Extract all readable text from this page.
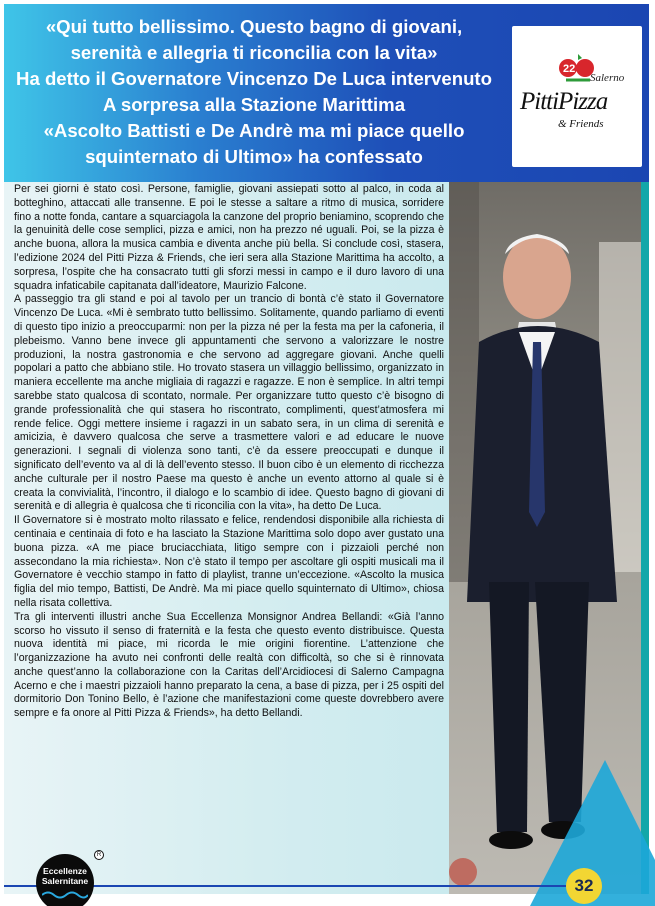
«Qui tutto bellissimo. Questo bagno di giovani,
serenità e allegria ti riconcilia con la vita»
Ha detto il Governatore Vincenzo De Luca intervenuto
A sorpresa alla Stazione Marittima
«Ascolto Battisti e De Andrè ma mi piace quello
squinternato di Ultimo» ha confessato
22
Salerno
PittiPizza
& Friends

Per sei giorni è stato così. Persone, famiglie, giovani assiepati sotto al palco, in coda al botteghino, attaccati alle transenne. E poi le stesse a saltare a ritmo di musica, sorridere fino a notte fonda, cantare a squarciagola la canzone del proprio beniamino, scoprendo che la genuinità delle cose semplici, pizza e amici, non ha prezzo né uguali. Poi, se la pizza è anche buona, allora la musica cambia e diventa anche più bella. Si conclude così, stasera, l’edizione 2024 del Pitti Pizza & Friends, che ieri sera alla Stazione Marittima ha accolto, a sorpresa, l’ospite che ha consacrato tutti gli sforzi messi in campo e il duro lavoro di una squadra infaticabile capitanata dall’ideatore, Maurizio Falcone.

A passeggio tra gli stand e poi al tavolo per un trancio di bontà c’è stato il Governatore Vincenzo De Luca. «Mi è sembrato tutto bellissimo. Solitamente, quando parliamo di eventi di questo tipo inizio a preoccuparmi: non per la pizza né per la festa ma per la cafoneria, il plebeismo. Vanno bene invece gli appuntamenti che servono a valorizzare le nostre produzioni, la nostra gastronomia e che servono ad aggregare giovani. Anche quelli popolari a patto che abbiano stile. Ho trovato stasera un villaggio bellissimo, organizzato in maniera eccellente ma anche migliaia di ragazzi e ragazze. E non è semplice. In altri tempi sarebbe stato qualcosa di scontato, normale. Per organizzare tutto questo c’è bisogno di grande professionalità che qui stasera ho riscontrato, complimenti, quest’atmosfera mi rende felice. Oggi mettere insieme i ragazzi in un sabato sera, in un clima di serenità e amicizia, è davvero qualcosa che serve a trasmettere valori e ad educare le nuove generazioni. I segnali di violenza sono tanti, c’è da essere preoccupati e dunque il significato dell’evento va al di là dell’evento stesso. Il buon cibo è un elemento di ricchezza anche culturale per il nostro Paese ma questo è anche un evento attorno al quale si è creata la convivialità, l’incontro, il dialogo e lo scambio di idee. Questo bagno di giovani di serenità e di allegria è qualcosa che ti riconcilia con la vita», ha detto De Luca.

Il Governatore si è mostrato molto rilassato e felice, rendendosi disponibile alla richiesta di centinaia e centinaia di foto e ha lasciato la Stazione Marittima solo dopo aver gustato una buona pizza. «A me piace bruciacchiata, litigo sempre con i pizzaioli perché non assecondano la mia richiesta». Non c’è stato il tempo per ascoltare gli ospiti musicali ma il Governatore è vecchio stampo in fatto di playlist, tranne un’eccezione. «Ascolto la musica figlia del mio tempo, Battisti, De Andrè. Ma mi piace quello squinternato di Ultimo», chiosa nella risata collettiva.

Tra gli interventi illustri anche Sua Eccellenza Monsignor Andrea Bellandi: «Già l’anno scorso ho vissuto il senso di fraternità e la festa che questo evento distribuisce. Questa nuova identità mi piace, mi ricorda le mie origini fiorentine. L’attenzione che l’organizzazione ha avuto nei confronti delle realtà con difficoltà, so che si è rinnovata anche quest’anno la collaborazione con la Caritas dell’Arcidiocesi di Salerno Campagna Acerno e che i maestri pizzaioli hanno preparato la cena, a base di pizza, per i 25 ospiti del dormitorio Don Tonino Bello, è l’azione che manifestazioni come queste dovrebbero avere sempre e fa onore al Pitti Pizza & Friends», ha detto Bellandi.

32
Eccellenze
Salernitane
R
